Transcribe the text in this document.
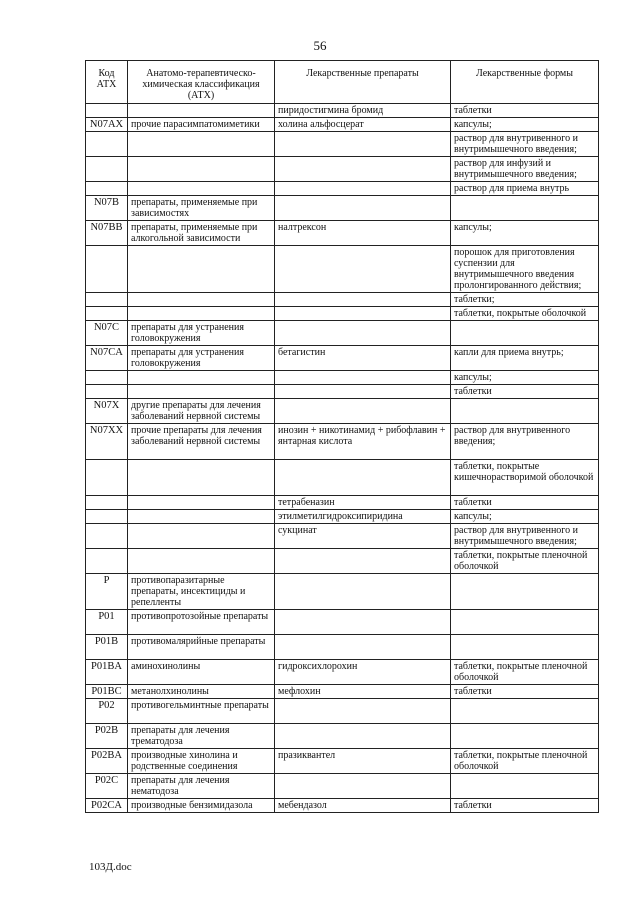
56
Код АТХ	Анатомо-терапевтическо-химическая классификация (АТХ)	Лекарственные препараты	Лекарственные формы
		пиридостигмина бромид	таблетки
N07AX	прочие парасимпатомиметики	холина альфосцерат	капсулы;
			раствор для внутривенного и внутримышечного введения;
			раствор для инфузий и внутримышечного введения;
			раствор для приема внутрь
N07B	препараты, применяемые при зависимостях		
N07BB	препараты, применяемые при алкогольной зависимости	налтрексон	капсулы;
			порошок для приготовления суспензии для внутримышечного введения пролонгированного действия;
			таблетки;
			таблетки, покрытые оболочкой
N07C	препараты для устранения головокружения		
N07CA	препараты для устранения головокружения	бетагистин	капли для приема внутрь;
			капсулы;
			таблетки
N07X	другие препараты для лечения заболеваний нервной системы		
N07XX	прочие препараты для лечения заболеваний нервной системы	инозин + никотинамид + рибофлавин + янтарная кислота	раствор для внутривенного введения;
			таблетки, покрытые кишечнорастворимой оболочкой
		тетрабеназин	таблетки
		этилметилгидроксипиридина	капсулы;
		сукцинат	раствор для внутривенного и внутримышечного введения;
			таблетки, покрытые пленочной оболочкой
P	противопаразитарные препараты, инсектициды и репелленты		
P01	противопротозойные препараты		
P01B	противомалярийные препараты		
P01BA	аминохинолины	гидроксихлорохин	таблетки, покрытые пленочной оболочкой
P01BC	метанолхинолины	мефлохин	таблетки
P02	противогельминтные препараты		
P02B	препараты для лечения трематодоза		
P02BA	производные хинолина и родственные соединения	празиквантел	таблетки, покрытые пленочной оболочкой
P02C	препараты для лечения нематодоза		
P02CA	производные бензимидазола	мебендазол	таблетки
103Д.doc
